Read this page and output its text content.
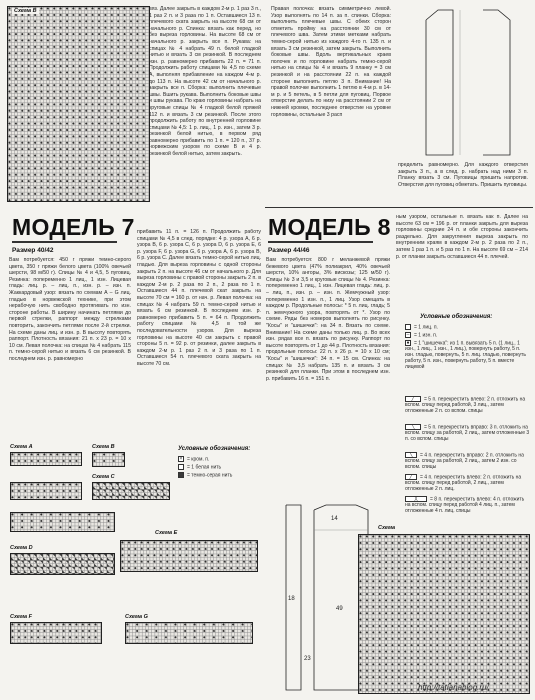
Схема B	вяз. Далее закрыть в каждом 2-м р. 1 раз 3 п., 1 раз 2 п. и 3 раза по 1 п. Оставшиеся 13 п. плечевого ската закрыть на высоте 68 см от начального р. Спинка: вязать как перед, но без выреза горловины. На высоте 68 см от начального р. закрыть все п. Рукава: на спицах № 4 набрать 49 п. белой гладкой нитью и вязать 3 см резинкой. В последнем изн. р. равномерно прибавить 22 п. = 71 п. Продолжить работу спицами № 4,5 по схеме А, выполняя прибавление на каждом 4-м р. до 113 п. На высоте 42 см от начального р. закрыть все п. Сборка: выполнить плечевые швы. Вшить рукава. Выполнить боковые швы и швы рукава. По краю горловины набрать на круговые спицы № 4 гладкой белой пряжей 112 п. и вязать 3 см резинкой. После этого продолжить работу по внутренней горловине спицами № 4,5: 1 р. лиц., 1 р. изн., затем 3 р. резинкой белой нитью, в первом ряд равномерно прибавить по 1 п. = 120 п., 37 р. норвежским узором по схеме В и 4 р. резинкой белой нитью, затем закрыть.
Правая полочка: вязать симметрично левой. Узор выполнять по 14 п. за п. спинки. Сборка: выполнить плечевые швы. С обеих сторон отметить пройму на расстоянии 30 см от плечевого шва. Затем этими метками набрать темно-серой нитью из каждого 4-го п. 135 п. и вязать 3 см резинкой, затем закрыть. Выполнить боковые швы. Вдоль вертикальных краев полочек и по горловине набрать темно-серой нитью на спицы № 4 и вязать 9 планку = 3 см резинкой и на расстоянии 22 п. на каждой стороне выполнить петлю 3 п. Внимание! На правой полочке выполнить 1 петлю в 4-м р. в 14-м р. и 5 петель, в 5 петли для пуговиц. Порвое отверстие делать по низу на расстоянии 2 см от нижней кромки, последнее отверстие на уровне горловины, остальные 3 расп
пределить равномерно. Для каждого отверстия закрыть 3 п., а в след. р. набрать над ними 3 п. Планку вязать 3 см. Пуговицы пришить напротив. Отверстия для пуговиц обметать. Пришить пуговицы.
МОДЕЛЬ 7
Размер 40/42
Вам потребуется: 450 г пряжи темно-серого цвета, 350 г пряжи белого цвета (100% овечьей шерсти, 98 м/50 г). Спицы № 4 и 4,5, 5 пуговиц. Резинка: попеременно 1 лиц., 1 изн. Лицевая гладь: лиц. р. – лиц. п., изн. р. – изн. п. Жаккардовый узор: вязать по схемам А – G лиц. гладью в норвежской технике, при этом нерабочую нить свободно протягивать по изн. стороне работы. В ширину начинать петлями до первой стрелки, раппорт между стрелками повторить, закончить петлями после 2-й стрелки. На схеме даны лиц. и изн. р. В высоту повторять раппорт. Плотность вязания: 21 п. х 23 р. = 10 х 10 см. Левая полочка: на спицах № 4 набрать 115 п. темно-серой нитью и вязать 6 см резинкой. В последнем изн. р. равномерно
прибавить 11 п. = 126 п. Продолжить работу спицами № 4,5 в след. порядке: 4 р. узора А, 6 р. узора В, 6 р. узора С, 6 р. узора D, 6 р. узора Е, 6 р. узора F, 6 р. узора G, 6 р. узора А, 6 р. узора В, 6 р. узора С. Далее вязать темно-серой нитью лиц. гладью. Для выреза горловины с одной стороны закрыть 2 п. на высоте 46 см от начального р. Для выреза горловины с правой стороны закрыть 2 п. в каждом 2-м р. 2 раза по 2 п., 2 раза по 1 п. Оставшиеся 44 п. плечевой скат закрыть на высоте 70 см = 160 р. от нач. р. Левая полочка: на спицах № 4 набрать 59 п. темно-серой нитью и вязать 6 см резинкой. В последнем изн. р. равномерно прибавить 5 п. = 64 п. Продолжить работу спицами № 4,5 в той же последовательности узоров. Для выреза горловины на высоте 40 см закрыть с правой стороны 5 п. = 92 р. от резинки, далее закрыть в каждом 2-м р. 1 раз 2 п. и 3 раза по 1 п. Оставшиеся 54 п. плечевого ската закрыть на высоте 70 см.
МОДЕЛЬ 8
Размер 44/46
Вам потребуется: 800 г меланжевой пряжи бежевого цвета (47% полиакрил, 40% овечьей шерсти, 10% ангоры, 3% вискозы; 125 м/50 г). Спицы № 3 и 3,5 и круговые спицы № 4. Резинка: попеременно 1 лиц., 1 изн. Лицевая гладь: лиц. р. – лиц. п., изн. р. – изн. п. Жемчужный узор: попеременно 1 изн. п., 1 лиц. Узор смещать в каждом р. Продольные полосы: * 5 п. лиц. гладь; 5 п. жемчужного узора, повторять от *. Узор по схеме. Ряды без номеров выполнять по рисунку. "Косы" и "шишечки": на 34 п. Вязать по схеме. Внимание! На схеме даны только лиц. р. Во всех изн. рядах все п. вязать по рисунку. Раппорт по высоте повторять от 1 до 44 р. Плотность вязания: продольные полосы: 22 п. х 26 р. = 10 х 10 см; "Косы" и "шишечки": 34 п. = 15 см. Спинка: на спицах № 3,5 набрать 135 п. и вязать 3 см резинкой для планки. При этом в последнем изн. р. прибавить 16 п. = 151 п.
ным узором, остальные п. вязать как п. Далее на высоте 63 см = 196 р. от планки закрыть для выреза горловины средние 24 п. и обе стороны закончить раздельно. Для закругления выреза закрыть по внутренним краям в каждом 2-м р. 2 раза по 2 п., затем 1 раз 1 п. и 5 раз по 1 п. На высоте 69 см – 214 р. от планки закрыть оставшиеся 44 п. плечей.
Условные обозначения:
= 1 лиц. п.
– = 1 изн. п.
● = 1 "шишечка": из 1 п. вывязать 5 п. (1 лиц., 1 изн., 1 лиц., 1 изн., 1 лиц.), повернуть работу, 5 п. изн. гладью, повернуть, 5 п. лиц. гладью, повернуть работу, 5 п. изн., повернуть работу, 5 п. вместе лицевой
╱ = 5 п. перекрестить влево: 2 п. отложить на вспом. спицу перед работой, 3 лиц., затем отложенные 2 п. со вспом. спицы
╲ = 5 п. перекрестить вправо: 3 п. отложить на вспом. спицу за работой, 2 лиц., затем отложенные 3 п. со вспом. спицы
╲ = 4 п. перекрестить вправо: 2 п. отложить на вспом. спицу за работой, 2 лиц., затем 2 изн. со вспом. спицы
╱ = 4 п. перекрестить влево: 2 п. отложить на вспом. спицу перед работой, 2 лиц., затем отложенные 2 п. лиц.
╳	= 8 п. перекрестить влево: 4 п. отложить на вспом. спицу перед работой 4 лиц. п., затем отложенные 4 п. лиц. спицы
Схема A	Схема B	Условные обозначения:
× = кром. п.
= 1 белая нить
= темно-серая нить
Схема C
Схема E
Схема D
Схема F	Схема G
18
14
49
23
Схема
http://tatianablog.ru/
